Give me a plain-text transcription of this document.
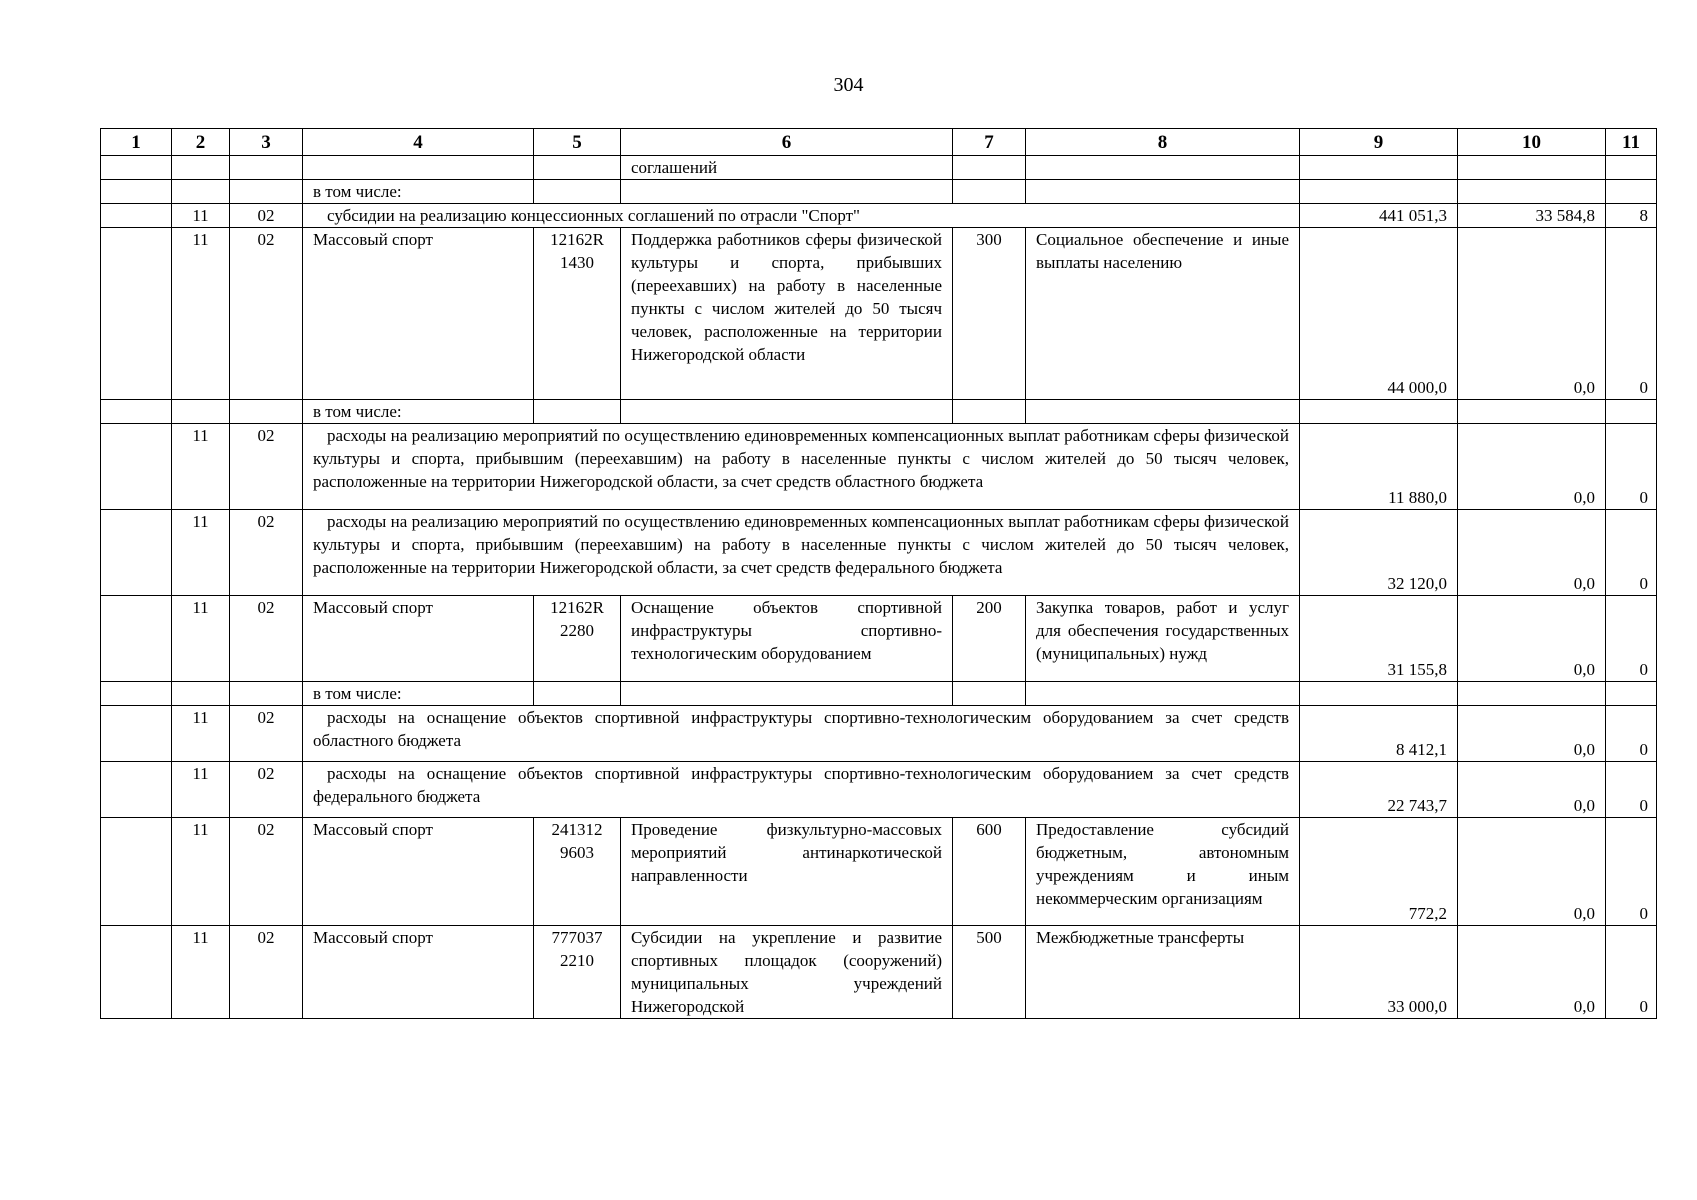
304
1	2	3	4	5	6	7	8	9	10	11
					соглашений					
			в том числе:							
	11	02	субсидии на реализацию концессионных соглашений по отрасли "Спорт"					441 051,3	33 584,8	8
	11	02	Массовый спорт	12162R 1430	Поддержка работников сферы физической культуры и спорта, прибывших (переехавших) на работу в населенные пункты с числом жителей до 50 тысяч человек, расположенные на территории Нижегородской области	300	Социальное обеспечение и иные выплаты населению	44 000,0	0,0	0
			в том числе:							
	11	02	расходы на реализацию мероприятий по осуществлению единовременных компенсационных выплат работникам сферы физической культуры и спорта, прибывшим (переехавшим) на работу в населенные пункты с числом жителей до 50 тысяч человек, расположенные на территории Нижегородской области, за счет средств областного бюджета					11 880,0	0,0	0
	11	02	расходы на реализацию мероприятий по осуществлению единовременных компенсационных выплат работникам сферы физической культуры и спорта, прибывшим (переехавшим) на работу в населенные пункты с числом жителей до 50 тысяч человек, расположенные на территории Нижегородской области, за счет средств федерального бюджета					32 120,0	0,0	0
	11	02	Массовый спорт	12162R 2280	Оснащение объектов спортивной инфраструктуры спортивно-технологическим оборудованием	200	Закупка товаров, работ и услуг для обеспечения государственных (муниципальных) нужд	31 155,8	0,0	0
			в том числе:							
	11	02	расходы на оснащение объектов спортивной инфраструктуры спортивно-технологическим оборудованием за счет средств областного бюджета					8 412,1	0,0	0
	11	02	расходы на оснащение объектов спортивной инфраструктуры спортивно-технологическим оборудованием за счет средств федерального бюджета					22 743,7	0,0	0
	11	02	Массовый спорт	241312 9603	Проведение физкультурно-массовых мероприятий антинаркотической направленности	600	Предоставление субсидий бюджетным, автономным учреждениям и иным некоммерческим организациям	772,2	0,0	0
	11	02	Массовый спорт	777037 2210	Субсидии на укрепление и развитие спортивных площадок (сооружений) муниципальных учреждений Нижегородской	500	Межбюджетные трансферты	33 000,0	0,0	0
